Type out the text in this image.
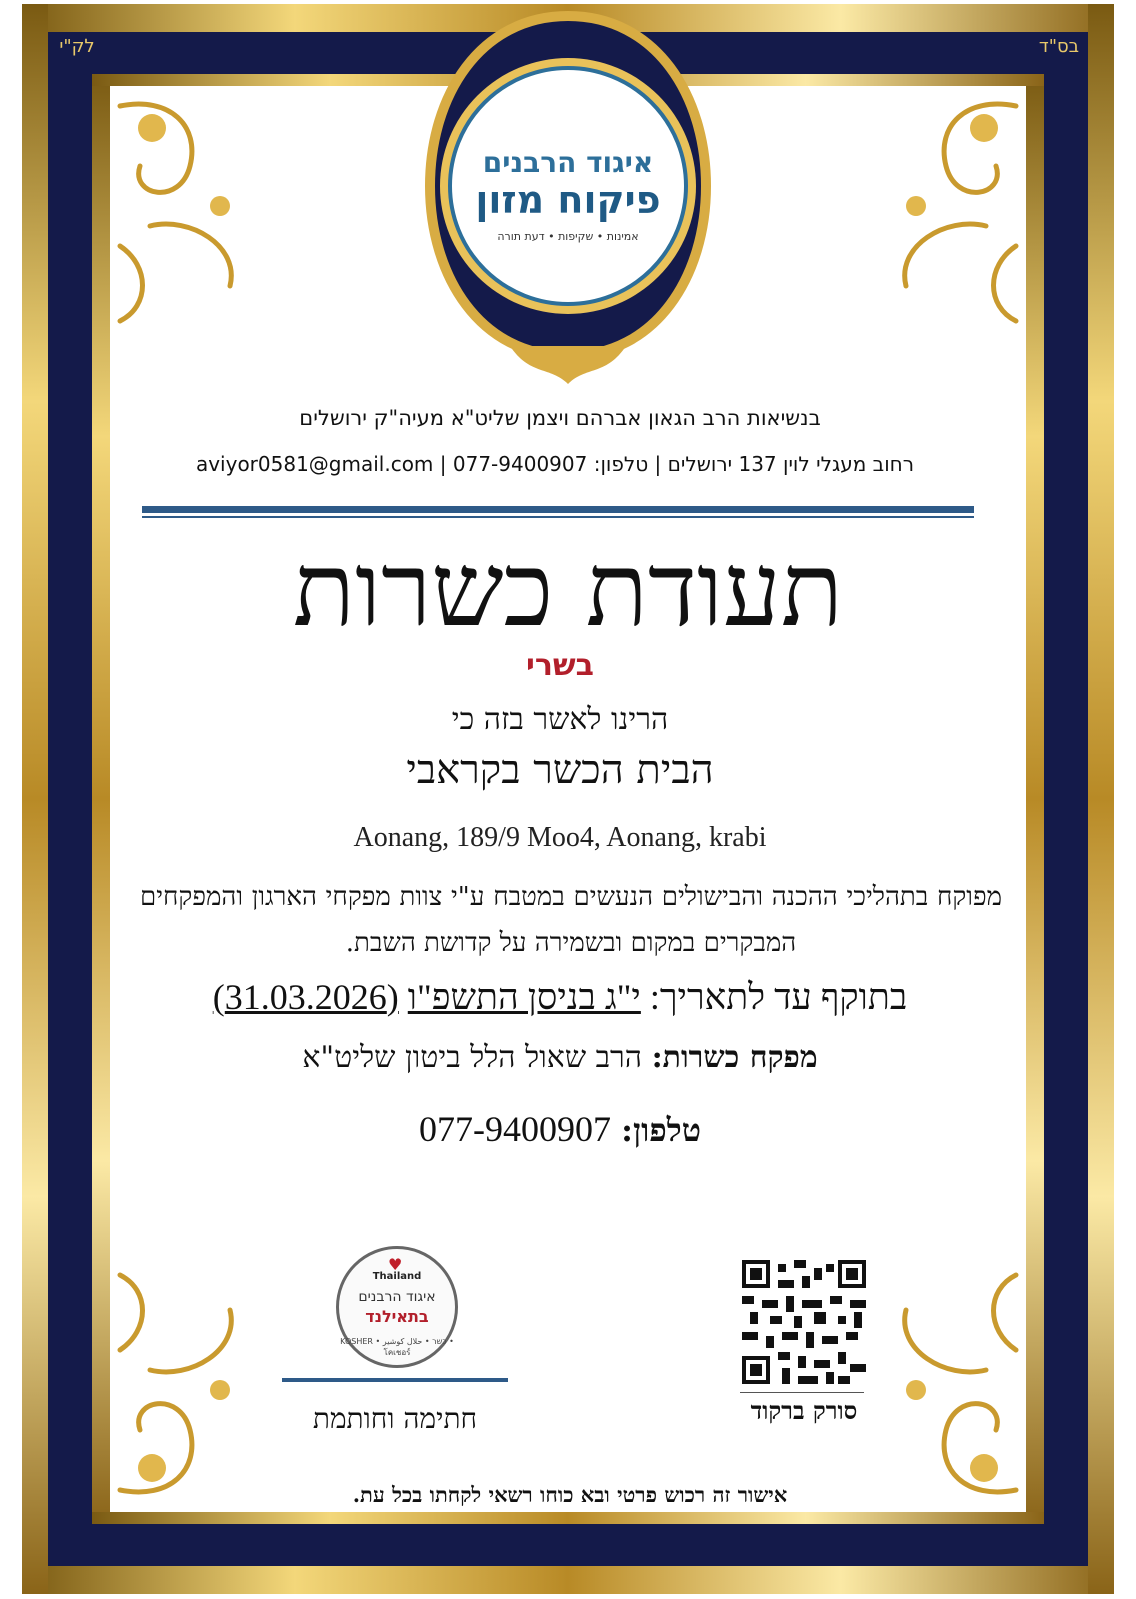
לק"י	בס"ד
איגוד הרבנים
פיקוח מזון
אמינות • שקיפות • דעת תורה
בנשיאות הרב הגאון אברהם ויצמן שליט"א מעיה"ק ירושלים
רחוב מעגלי לוין 137 ירושלים | טלפון: 077-9400907 | aviyor0581@gmail.com
תעודת כשרות
בשרי
הרינו לאשר בזה כי
הבית הכשר בקראבי
Aonang, 189/9 Moo4, Aonang, krabi
מפוקח בתהליכי ההכנה והבישולים הנעשים במטבח ע"י צוות מפקחי הארגון והמפקחים המבקרים במקום ובשמירה על קדושת השבת.
בתוקף עד לתאריך: י"ג בניסן התשפ"ו (31.03.2026)
מפקח כשרות: הרב שאול הלל ביטון שליט"א
טלפון: 077-9400907
Thailand
איגוד הרבנים
בתאילנד
KOSHER • כשר • حلال كوشير • โคเชอร์
♥
חתימה וחותמת	סורק ברקוד
אישור זה רכוש פרטי ובא כוחו רשאי לקחתו בכל עת.
